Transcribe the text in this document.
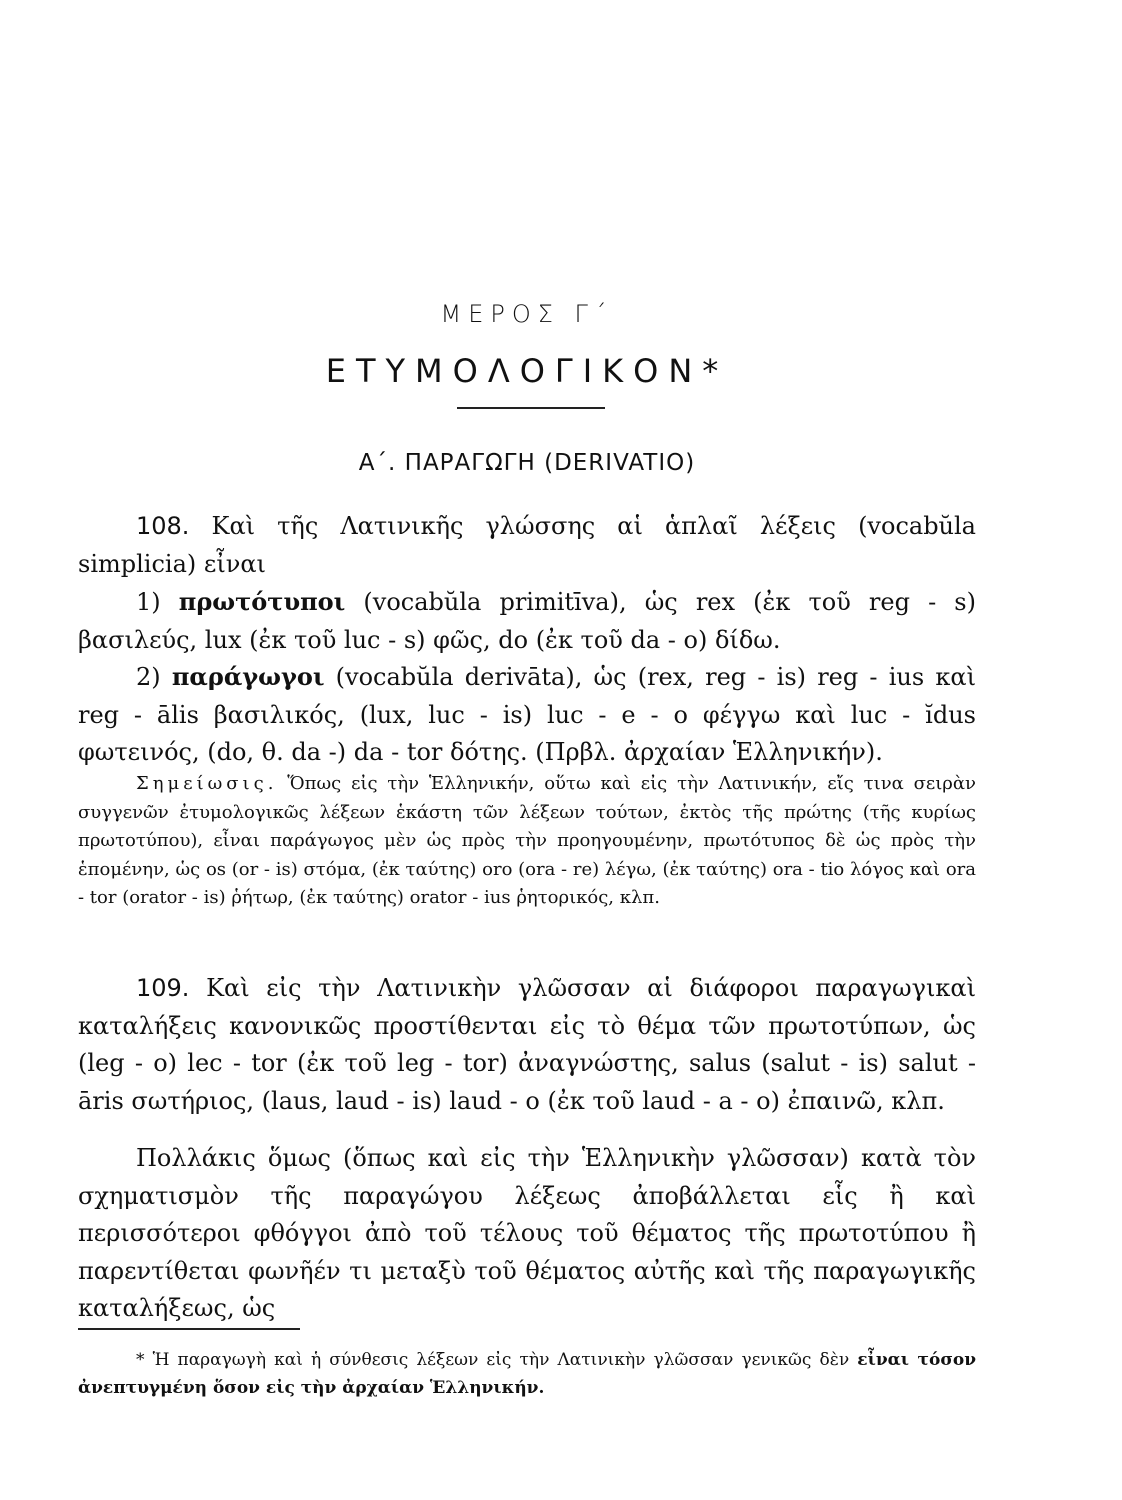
ΜΕΡΟΣ Γ΄
ΕΤΥΜΟΛΟΓΙΚΟΝ*
Α΄. ΠΑΡΑΓΩΓΗ (DERIVATIO)
108. Καὶ τῆς Λατινικῆς γλώσσης αἱ ἁπλαῖ λέξεις (vocabŭla simplicia) εἶναι
1) πρωτότυποι (vocabŭla primitīva), ὡς rex (ἐκ τοῦ reg - s) βασιλεύς, lux (ἐκ τοῦ luc - s) φῶς, do (ἐκ τοῦ da - o) δίδω.
2) παράγωγοι (vocabŭla derivāta), ὡς (rex, reg - is) reg - ius καὶ reg - ālis βασιλικός, (lux, luc - is) luc - e - o φέγγω καὶ luc - ĭdus φωτεινός, (do, θ. da -) da - tor δότης. (Πρβλ. ἀρχαίαν Ἑλληνικήν).
Σημείωσις. Ὅπως εἰς τὴν Ἑλληνικήν, οὕτω καὶ εἰς τὴν Λατινικήν, εἴς τινα σειρὰν συγγενῶν ἐτυμολογικῶς λέξεων ἑκάστη τῶν λέξεων τούτων, ἐκτὸς τῆς πρώτης (τῆς κυρίως πρωτοτύπου), εἶναι παράγωγος μὲν ὡς πρὸς τὴν προηγουμένην, πρωτότυπος δὲ ὡς πρὸς τὴν ἑπομένην, ὡς os (or - is) στόμα, (ἐκ ταύτης) oro (ora - re) λέγω, (ἐκ ταύτης) ora - tio λόγος καὶ ora - tor (orator - is) ῥήτωρ, (ἐκ ταύτης) orator - ius ῥητορικός, κλπ.
109. Καὶ εἰς τὴν Λατινικὴν γλῶσσαν αἱ διάφοροι παραγωγικαὶ καταλήξεις κανονικῶς προστίθενται εἰς τὸ θέμα τῶν πρωτοτύπων, ὡς (leg - o) lec - tor (ἐκ τοῦ leg - tor) ἀναγνώστης, salus (salut - is) salut - āris σωτήριος, (laus, laud - is) laud - o (ἐκ τοῦ laud - a - o) ἐπαινῶ, κλπ.
Πολλάκις ὅμως (ὅπως καὶ εἰς τὴν Ἑλληνικὴν γλῶσσαν) κατὰ τὸν σχηματισμὸν τῆς παραγώγου λέξεως ἀποβάλλεται εἷς ἢ καὶ περισσότεροι φθόγγοι ἀπὸ τοῦ τέλους τοῦ θέματος τῆς πρωτοτύπου ἢ παρεντίθεται φωνῆέν τι μεταξὺ τοῦ θέματος αὐτῆς καὶ τῆς παραγωγικῆς καταλήξεως, ὡς
* Ἡ παραγωγὴ καὶ ἡ σύνθεσις λέξεων εἰς τὴν Λατινικὴν γλῶσσαν γενικῶς δὲν εἶναι τόσον ἀνεπτυγμένη ὅσον εἰς τὴν ἀρχαίαν Ἑλληνικήν.
